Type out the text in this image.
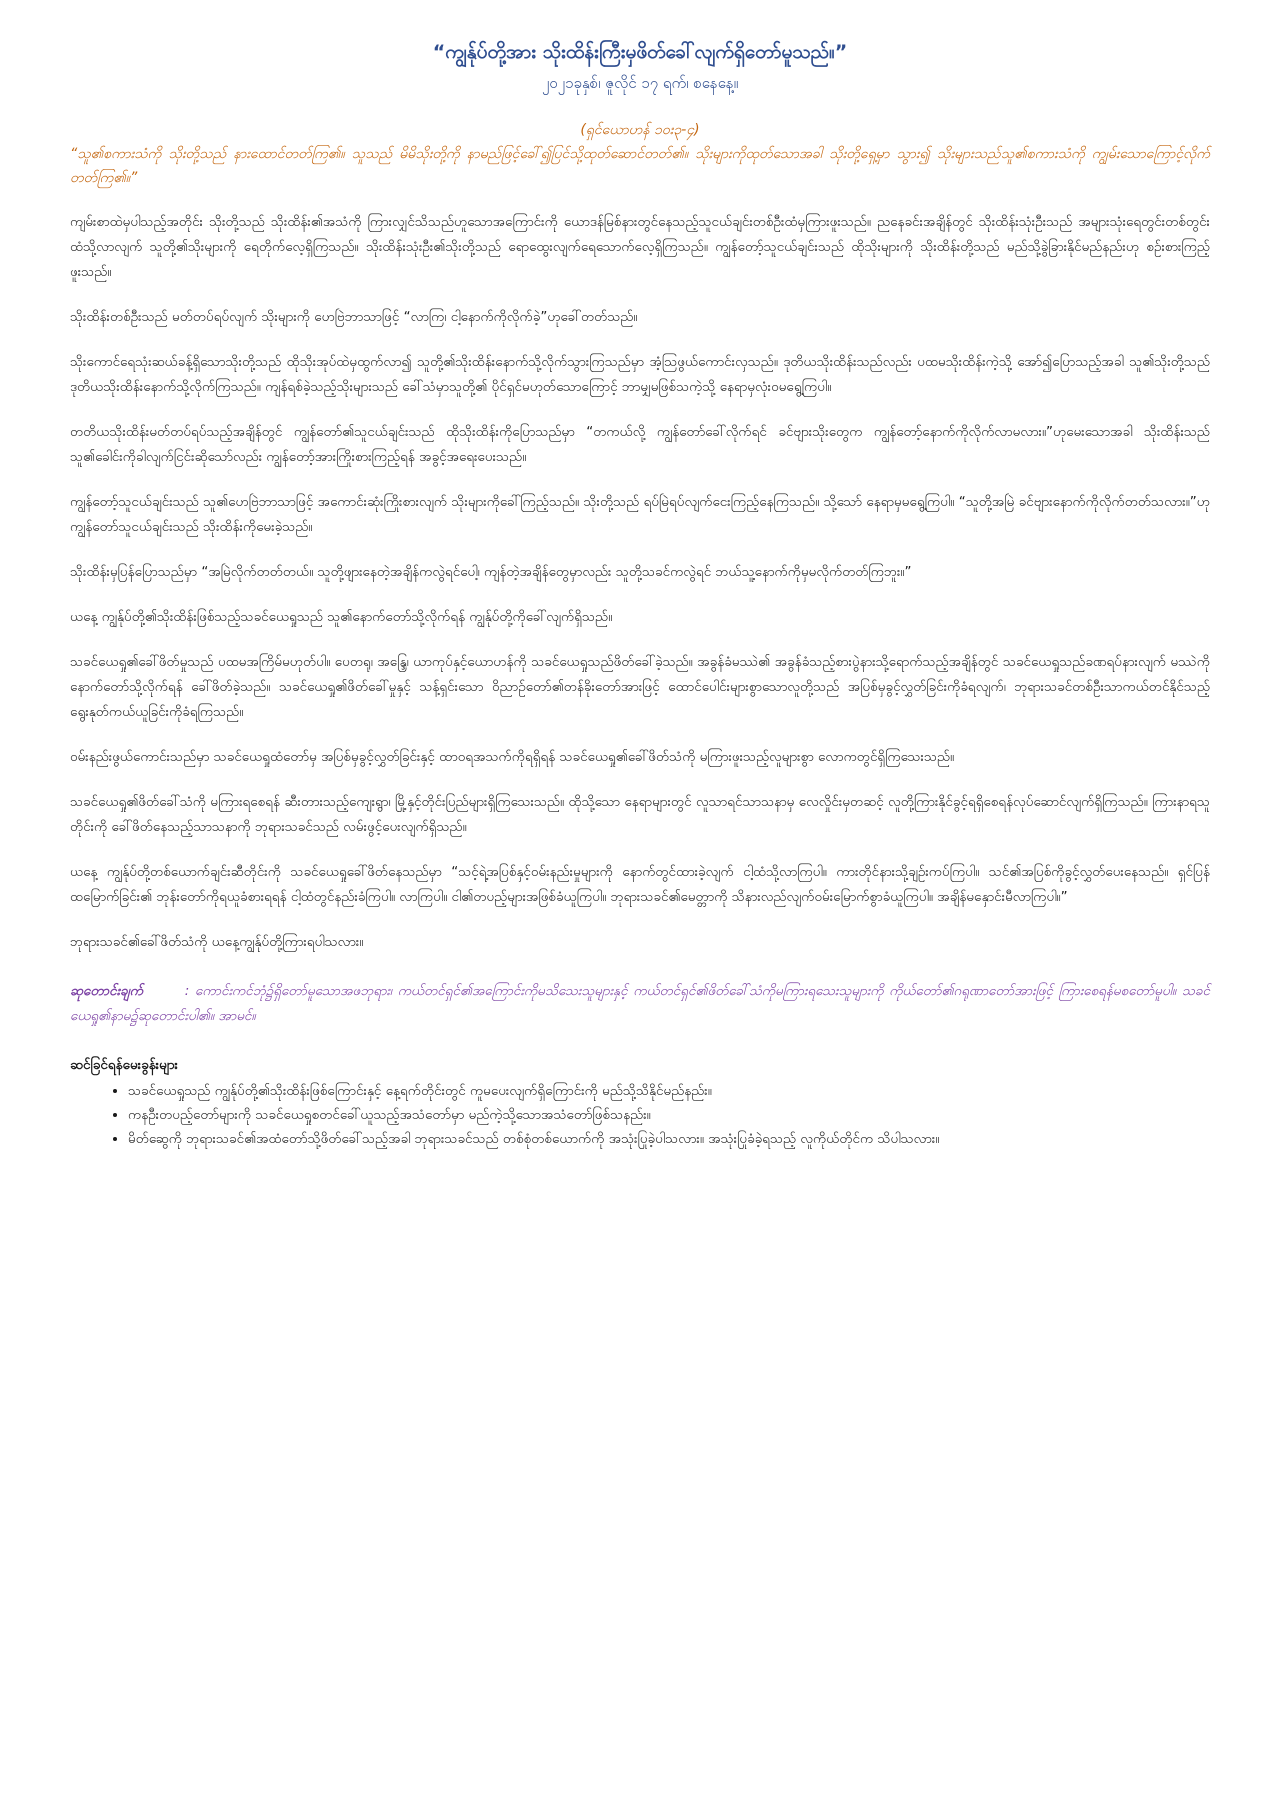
“ကျွန်ုပ်တို့အား သိုးထိန်းကြီးမှဖိတ်ခေါ်လျက်ရှိတော်မူသည်။”

၂၀၂၁ခုနှစ်၊ ဇူလိုင် ၁၇ ရက်၊ စနေနေ့။

(ရှင်ယောဟန် ၁၀း၃-၄)

“သူ၏စကားသံကို သိုးတို့သည် နားထောင်တတ်ကြ၏။ သူသည် မိမိသိုးတို့ကို နာမည်ဖြင့်ခေါ်၍ပြင်သို့ထုတ်ဆောင်တတ်၏။ သိုးများကိုထုတ်သောအခါ သိုးတို့ရှေ့မှာ သွား၍ သိုးများသည်သူ၏စကားသံကို ကျွမ်းသောကြောင့်လိုက်တတ်ကြ၏။”

ကျမ်းစာထဲမှပါသည့်အတိုင်း သိုးတို့သည် သိုးထိန်း၏အသံကို ကြားလျှင်သိသည်ဟူသောအကြောင်းကို ယောဒန်မြစ်နားတွင်နေသည့်သူငယ်ချင်းတစ်ဦးထံမှကြားဖူးသည်။ ညနေခင်းအချိန်တွင် သိုးထိန်းသုံးဦးသည် အများသုံးရေတွင်းတစ်တွင်းထံသို့လာလျက် သူတို့၏သိုးများကို ရေတိုက်လေ့ရှိကြသည်။ သိုးထိန်းသုံးဦး၏သိုးတို့သည် ရောထွေးလျက်ရေသောက်လေ့ရှိကြသည်။ ကျွန်တော့်သူငယ်ချင်းသည် ထိုသိုးများကို သိုးထိန်းတို့သည် မည်သို့ခွဲခြားနိုင်မည်နည်းဟု စဉ်းစားကြည့်ဖူးသည်။

သိုးထိန်းတစ်ဦးသည် မတ်တပ်ရပ်လျက် သိုးများကို ဟေဗြဲဘာသာဖြင့် “လာကြ၊ ငါ့နောက်ကိုလိုက်ခဲ့”ဟုခေါ်တတ်သည်။

သိုးကောင်ရေသုံးဆယ်ခန့်ရှိသောသိုးတို့သည် ထိုသိုးအုပ်ထဲမှထွက်လာ၍ သူတို့၏သိုးထိန်းနောက်သို့လိုက်သွားကြသည်မှာ အံ့ဩဖွယ်ကောင်းလှသည်။ ဒုတိယသိုးထိန်းသည်လည်း ပထမသိုးထိန်းကဲ့သို့ အော်၍ပြောသည့်အခါ သူ၏သိုးတို့သည် ဒုတိယသိုးထိန်းနောက်သို့လိုက်ကြသည်။ ကျန်ရစ်ခဲ့သည့်သိုးများသည် ခေါ်သံမှာသူတို့၏ ပိုင်ရှင်မဟုတ်သောကြောင့် ဘာမျှမဖြစ်သကဲ့သို့ နေရာမှလုံးဝမရွေ့ကြပါ။

တတိယသိုးထိန်းမတ်တပ်ရပ်သည့်အချိန်တွင် ကျွန်တော်၏သူငယ်ချင်းသည် ထိုသိုးထိန်းကိုပြောသည်မှာ “တကယ်လို့ ကျွန်တော်ခေါ်လိုက်ရင် ခင်ဗျားသိုးတွေက ကျွန်တော့်နောက်ကိုလိုက်လာမလား။”ဟုမေးသောအခါ သိုးထိန်းသည် သူ၏ခေါင်းကိုခါလျက်ငြင်းဆိုသော်လည်း ကျွန်တော့်အားကြိုးစားကြည့်ရန် အခွင့်အရေးပေးသည်။

ကျွန်တော့်သူငယ်ချင်းသည် သူ၏ဟေဗြဲဘာသာဖြင့် အကောင်းဆုံးကြိုးစားလျက် သိုးများကိုခေါ်ကြည့်သည်။ သိုးတို့သည် ရပ်မြဲရပ်လျက်ငေးကြည့်နေကြသည်။ သို့သော် နေရာမှမရွေ့ကြပါ။ “သူတို့အမြဲ ခင်ဗျားနောက်ကိုလိုက်တတ်သလား။”ဟု ကျွန်တော်သူငယ်ချင်းသည် သိုးထိန်းကိုမေးခဲ့သည်။

သိုးထိန်းမှပြန်ပြောသည်မှာ “အမြဲလိုက်တတ်တယ်။ သူတို့ဖျားနေတဲ့အချိန်ကလွဲရင်ပေါ့၊ ကျန်တဲ့အချိန်တွေမှာလည်း သူတို့သခင်ကလွဲရင် ဘယ်သူ့နောက်ကိုမှမလိုက်တတ်ကြဘူး။”

ယနေ့ ကျွန်ုပ်တို့၏သိုးထိန်းဖြစ်သည့်သခင်ယေရှုသည် သူ၏နောက်တော်သို့လိုက်ရန် ကျွန်ုပ်တို့ကိုခေါ်လျက်ရှိသည်။

သခင်ယေရှု၏ခေါ်ဖိတ်မှုသည် ပထမအကြိမ်မဟုတ်ပါ။ ပေတရု၊ အန္ဒြေ၊ ယာကုပ်နှင့်ယောဟန်ကို သခင်ယေရှုသည်ဖိတ်ခေါ်ခဲ့သည်။ အခွန်ခံမဿဲ၏ အခွန်ခံသည့်စားပွဲနားသို့ရောက်သည့်အချိန်တွင် သခင်ယေရှုသည်ခဏရပ်နားလျက် မဿဲကိုနောက်တော်သို့လိုက်ရန် ခေါ်ဖိတ်ခဲ့သည်။ သခင်ယေရှု၏ဖိတ်ခေါ်မှုနှင့် သန့်ရှင်းသော ဝိညာဉ်တော်၏တန်ခိုးတော်အားဖြင့် ထောင်ပေါင်းများစွာသောလူတို့သည် အပြစ်မှခွင့်လွှတ်ခြင်းကိုခံရလျက်၊ ဘုရားသခင်တစ်ဦးသာကယ်တင်နိုင်သည့် ရွေးနုတ်ကယ်ယူခြင်းကိုခံရကြသည်။

ဝမ်းနည်းဖွယ်ကောင်းသည်မှာ သခင်ယေရှုထံတော်မှ အပြစ်မှခွင့်လွှတ်ခြင်းနှင့် ထာဝရအသက်ကိုရရှိရန် သခင်ယေရှု၏ခေါ်ဖိတ်သံကို မကြားဖူးသည့်လူများစွာ လောကတွင်ရှိကြသေးသည်။

သခင်ယေရှု၏ဖိတ်ခေါ်သံကို မကြားရစေရန် ဆီးတားသည့်ကျေးရွာ၊ မြို့နှင့်တိုင်းပြည်များရှိကြသေးသည်။ ထိုသို့သော နေရာများတွင် လူသာရင်သာသနာမှ လေလှိုင်းမှတဆင့် လူတို့ကြားနိုင်ခွင့်ရရှိစေရန်လုပ်ဆောင်လျက်ရှိကြသည်။ ကြားနာရသူတိုင်းကို ခေါ်ဖိတ်နေသည့်သာသနာကို ဘုရားသခင်သည် လမ်းဖွင့်ပေးလျက်ရှိသည်။

ယနေ့ ကျွန်ုပ်တို့တစ်ယောက်ချင်းဆီတိုင်းကို သခင်ယေရှုခေါ်ဖိတ်နေသည်မှာ “သင့်ရဲ့အပြစ်နှင့်ဝမ်းနည်းမှုများကို နောက်တွင်ထားခဲ့လျက် ငါ့ထံသို့လာကြပါ။ ကားတိုင်နားသို့ချဉ်းကပ်ကြပါ။ သင်၏အပြစ်ကိုခွင့်လွှတ်ပေးနေသည်။ ရှင်ပြန်ထမြောက်ခြင်း၏ ဘုန်းတော်ကိုရယူခံစားရရန် ငါ့ထံတွင်နည်းခံကြပါ။ လာကြပါ။ ငါ၏တပည့်များအဖြစ်ခံယူကြပါ။ ဘုရားသခင်၏မေတ္တာကို သိနားလည်လျက်ဝမ်းမြောက်စွာခံယူကြပါ။ အချိန်မနှောင်းမီလာကြပါ။”

ဘုရားသခင်၏ခေါ်ဖိတ်သံကို ယနေ့ကျွန်ုပ်တို့ကြားရပါသလား။

ဆုတောင်းချက်	: ကောင်းကင်ဘုံ၌ရှိတော်မူသောအဖဘုရား၊ ကယ်တင်ရှင်၏အကြောင်းကိုမသိသေးသူများနှင့် ကယ်တင်ရှင်၏ဖိတ်ခေါ်သံကိုမကြားရသေးသူများကို ကိုယ်တော်၏ဂရုဏာတော်အားဖြင့် ကြားစေရန်မစတော်မူပါ။ သခင်ယေရှု၏နာမ၌ဆုတောင်းပါ၏။ အာမင်။

ဆင်ခြင်ရန်မေးခွန်းများ

• သခင်ယေရှုသည် ကျွန်ုပ်တို့၏သိုးထိန်းဖြစ်ကြောင်းနှင့် နေ့ရက်တိုင်းတွင် ကူမပေးလျက်ရှိကြောင်းကို မည်သို့သိနိုင်မည်နည်း။
• ကနဦးတပည့်တော်များကို သခင်ယေရှုစတင်ခေါ်ယူသည့်အသံတော်မှာ မည်ကဲ့သို့သောအသံတော်ဖြစ်သနည်း။
• မိတ်ဆွေကို ဘုရားသခင်၏အထံတော်သို့ဖိတ်ခေါ်သည့်အခါ ဘုရားသခင်သည် တစ်စုံတစ်ယောက်ကို အသုံးပြုခဲ့ပါသလား။ အသုံးပြုခံခဲ့ရသည့် လူကိုယ်တိုင်က သိပါသလား။
